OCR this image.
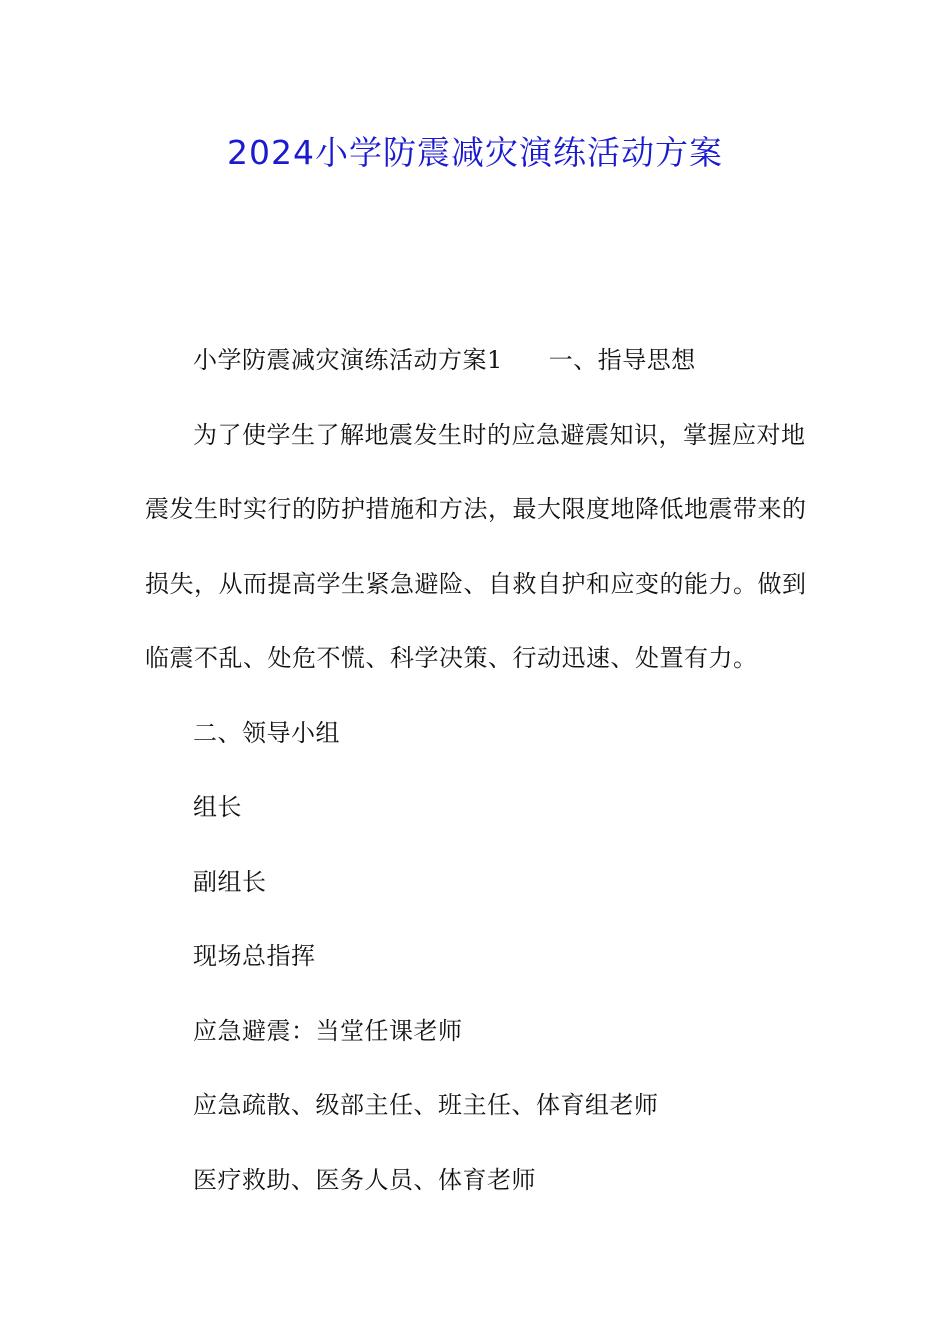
2024小学防震减灾演练活动方案
小学防震减灾演练活动方案1 一、指导思想
为了使学生了解地震发生时的应急避震知识，掌握应对地
震发生时实行的防护措施和方法，最大限度地降低地震带来的
损失，从而提高学生紧急避险、自救自护和应变的能力。做到
临震不乱、处危不慌、科学决策、行动迅速、处置有力。
二、领导小组
组长
副组长
现场总指挥
应急避震：当堂任课老师
应急疏散、级部主任、班主任、体育组老师
医疗救助、医务人员、体育老师
